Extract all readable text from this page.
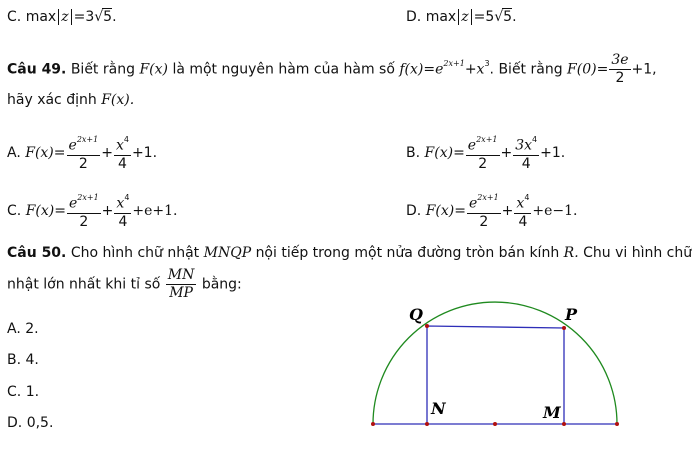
C. max z =3√5.	D. max z =5√5.
Câu 49. Biết rằng F(x) là một nguyên hàm của hàm số $f(x)=e^{2x+1}+x^3$. Biết rằng $F(0)= \frac{3e}{2} +1$,
hãy xác định F(x).
A. $F(x)= \frac{e^{2x+1}}{2} + \frac{x^4}{4} +1$.	B. $F(x)= \frac{e^{2x+1}}{2} + \frac{3x^4}{4} +1$.
C. $F(x)= \frac{e^{2x+1}}{2} + \frac{x^4}{4} +e+1$.	D. $F(x)= \frac{e^{2x+1}}{2} + \frac{x^4}{4} +e-1$.
Câu 50. Cho hình chữ nhật MNQP nội tiếp trong một nửa đường tròn bán kính R. Chu vi hình chữ
nhật lớn nhất khi tỉ số $\frac{MN}{MP}$ bằng:
A. 2.
B. 4.
C. 1.
D. 0,5.
Q	P
N	M
